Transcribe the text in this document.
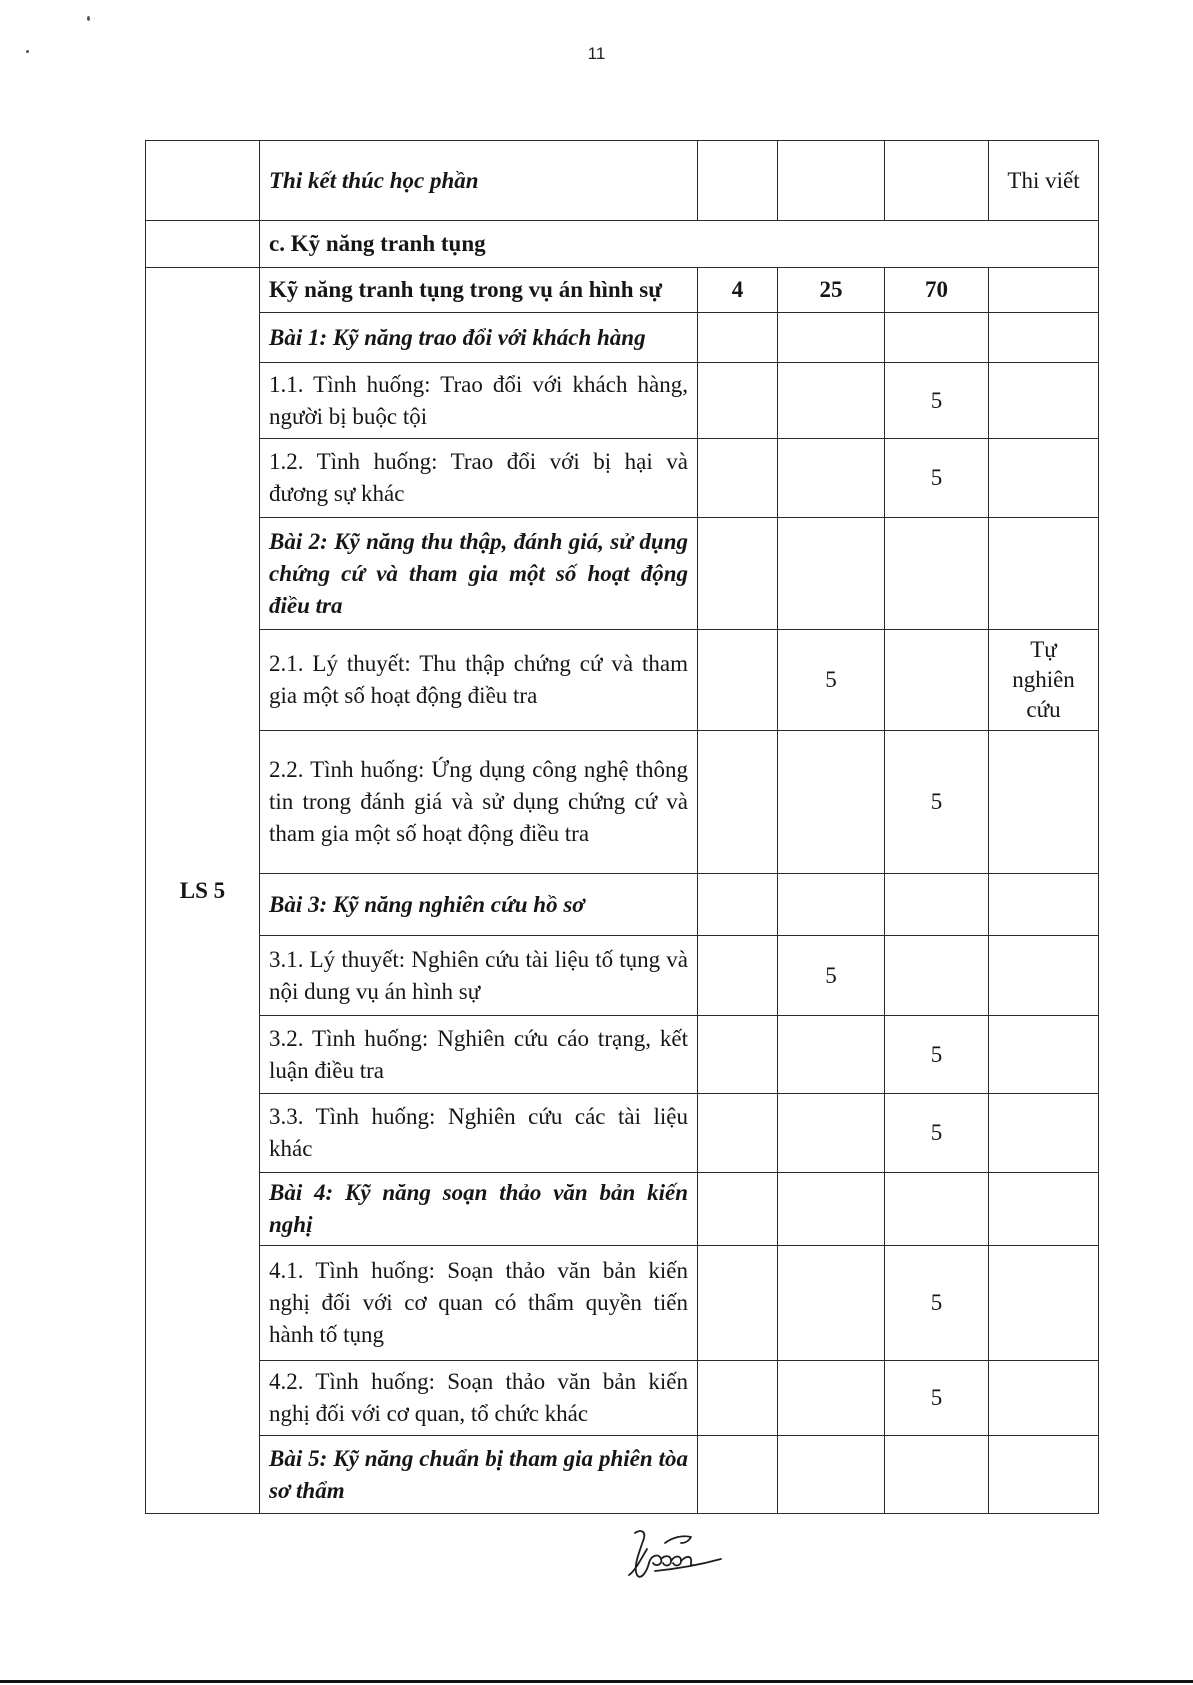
11
	Thi kết thúc học phần				Thi viết
	c. Kỹ năng tranh tụng				
LS 5	Kỹ năng tranh tụng trong vụ án hình sự	4	25	70	
	Bài 1: Kỹ năng trao đổi với khách hàng				
	1.1. Tình huống: Trao đổi với khách hàng, người bị buộc tội			5	
	1.2. Tình huống: Trao đổi với bị hại và đương sự khác			5	
	Bài 2: Kỹ năng thu thập, đánh giá, sử dụng chứng cứ và tham gia một số hoạt động điều tra				
	2.1. Lý thuyết: Thu thập chứng cứ và tham gia một số hoạt động điều tra		5		Tự nghiên cứu
	2.2. Tình huống: Ứng dụng công nghệ thông tin trong đánh giá và sử dụng chứng cứ và tham gia một số hoạt động điều tra			5	
	Bài 3: Kỹ năng nghiên cứu hồ sơ				
	3.1. Lý thuyết: Nghiên cứu tài liệu tố tụng và nội dung vụ án hình sự		5		
	3.2. Tình huống: Nghiên cứu cáo trạng, kết luận điều tra			5	
	3.3. Tình huống: Nghiên cứu các tài liệu khác			5	
	Bài 4: Kỹ năng soạn thảo văn bản kiến nghị				
	4.1. Tình huống: Soạn thảo văn bản kiến nghị đối với cơ quan có thẩm quyền tiến hành tố tụng			5	
	4.2. Tình huống: Soạn thảo văn bản kiến nghị đối với cơ quan, tổ chức khác			5	
	Bài 5: Kỹ năng chuẩn bị tham gia phiên tòa sơ thẩm				
